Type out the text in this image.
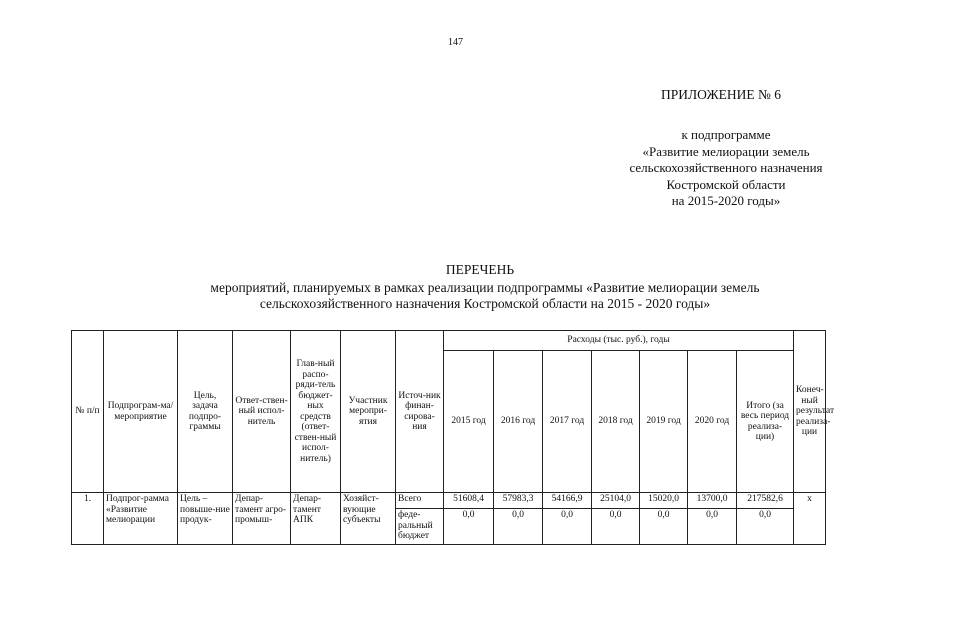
147
ПРИЛОЖЕНИЕ № 6
к подпрограмме
«Развитие мелиорации земель
сельскохозяйственного назначения
Костромской области
на 2015-2020 годы»
ПЕРЕЧЕНЬ
мероприятий, планируемых в рамках реализации подпрограммы «Развитие мелиорации земель
сельскохозяйственного назначения Костромской области на 2015 - 2020 годы»
№ п/п	Подпрограм-ма/ мероприятие	Цель, задача подпро-граммы	Ответ-ствен-ный испол-нитель	Глав-ный распо-ряди-тель бюджет-ных средств (ответ-ствен-ный испол-нитель)	Участник меропри-ятия	Источ-ник финан-сирова-ния	Расходы (тыс. руб.), годы							Конеч-ный результат реализа-ции
							2015 год	2016 год	2017 год	2018 год	2019 год	2020 год	Итого (за весь период реализа-ции)	
1.	Подпрог-рамма «Развитие мелиорации	Цель – повыше-ние продук-	Депар-тамент агро-промыш-	Депар-тамент АПК	Хозяйст-вующие субъекты	Всего	51608,4	57983,3	54166,9	25104,0	15020,0	13700,0	217582,6	х
						феде-ральный бюджет	0,0	0,0	0,0	0,0	0,0	0,0	0,0	
